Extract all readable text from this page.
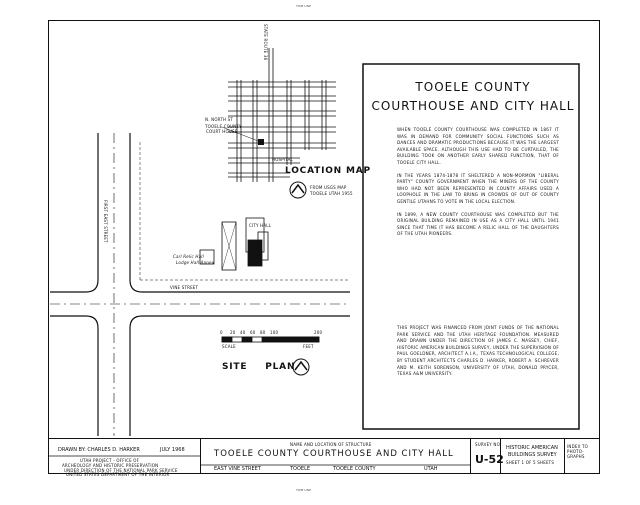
TRIM LINE
TRIM LINE
N. NORTH ST
TOOELE COUNTY
COURT HOUSE
HOSPITAL
STATE ROUTE 36
LOCATION MAP
FROM USGS MAP
TOOELE UTAH 1955
FIRST EAST STREET
VINE STREET
Carl Relic Hall
Lodge Hall Annex
CITY HALL
0 20 40 60 80 100	200
SCALE	FEET
SITE PLAN
TOOELE COUNTY COURTHOUSE AND CITY HALL
WHEN TOOELE COUNTY COURTHOUSE WAS COMPLETED IN 1867 IT WAS IN DEMAND FOR COMMUNITY SOCIAL FUNCTIONS SUCH AS DANCES AND DRAMATIC PRODUCTIONS BECAUSE IT WAS THE LARGEST AVAILABLE SPACE. ALTHOUGH THIS USE HAD TO BE CURTAILED, THE BUILDING TOOK ON ANOTHER EARLY SHARED FUNCTION, THAT OF TOOELE CITY HALL.
IN THE YEARS 1874-1878 IT SHELTERED A NON-MORMON "LIBERAL PARTY" COUNTY GOVERNMENT WHEN THE MINERS OF THE COUNTY WHO HAD NOT BEEN REPRESENTED IN COUNTY AFFAIRS USED A LOOPHOLE IN THE LAW TO BRING IN CROWDS OF OUT OF COUNTY GENTILE UTAHNS TO VOTE IN THE LOCAL ELECTION.
IN 1899, A NEW COUNTY COURTHOUSE WAS COMPLETED BUT THE ORIGINAL BUILDING REMAINED IN USE AS A CITY HALL UNTIL 1941 SINCE THAT TIME IT HAS BECOME A RELIC HALL OF THE DAUGHTERS OF THE UTAH PIONEERS.
THIS PROJECT WAS FINANCED FROM JOINT FUNDS OF THE NATIONAL PARK SERVICE AND THE UTAH HERITAGE FOUNDATION. MEASURED AND DRAWN UNDER THE DIRECTION OF JAMES C. MASSEY, CHIEF, HISTORIC AMERICAN BUILDINGS SURVEY, UNDER THE SUPERVISION OF PAUL GOELDNER, ARCHITECT A.I.A., TEXAS TECHNOLOGICAL COLLEGE, BY STUDENT ARCHITECTS CHARLES D. HARKER, ROBERT A. SCHREVER AND M. KEITH SORENSON, UNIVERSITY OF UTAH, DONALD PRYCER, TEXAS A&M UNIVERSITY.
DRAWN BY: CHARLES D. HARKER	JULY 1968
UTAH PROJECT - OFFICE OF
ARCHEOLOGY AND HISTORIC PRESERVATION
UNDER DIRECTION OF THE NATIONAL PARK SERVICE
UNITED STATES DEPARTMENT OF THE INTERIOR
NAME AND LOCATION OF STRUCTURE
TOOELE COUNTY COURTHOUSE AND CITY HALL
EAST VINE STREET	TOOELE	TOOELE COUNTY	UTAH
SURVEY NO.
U-52
HISTORIC AMERICAN
BUILDINGS SURVEY
SHEET 1 OF 5 SHEETS
INDEX TO PHOTO-GRAPHS
